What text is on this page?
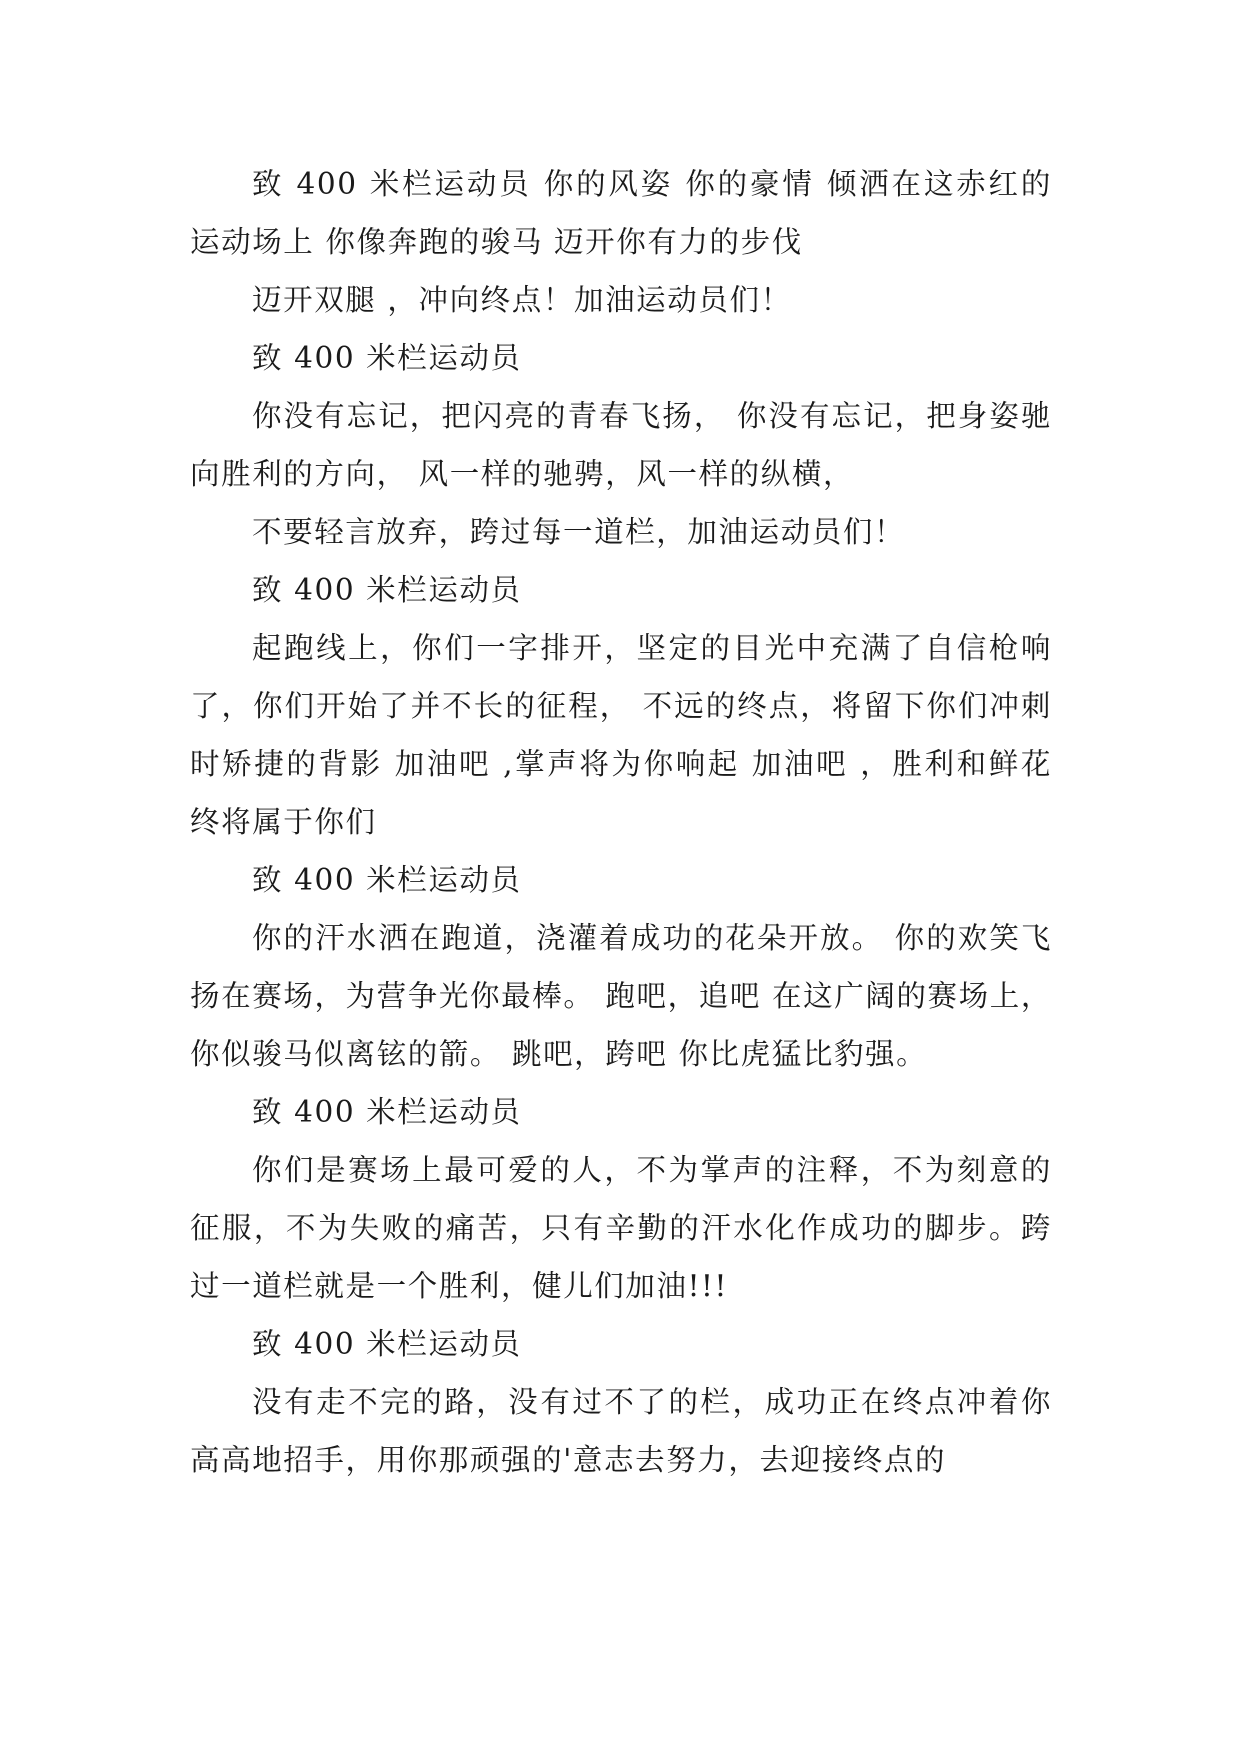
致 400 米栏运动员 你的风姿 你的豪情 倾洒在这赤红的运动场上 你像奔跑的骏马 迈开你有力的步伐

迈开双腿 ，冲向终点！加油运动员们！

致 400 米栏运动员

你没有忘记，把闪亮的青春飞扬， 你没有忘记，把身姿驰向胜利的方向， 风一样的驰骋，风一样的纵横，

不要轻言放弃，跨过每一道栏，加油运动员们！

致 400 米栏运动员

起跑线上，你们一字排开，坚定的目光中充满了自信枪响了，你们开始了并不长的征程， 不远的终点，将留下你们冲刺时矫捷的背影 加油吧 ,掌声将为你响起 加油吧 ，胜利和鲜花终将属于你们

致 400 米栏运动员

你的汗水洒在跑道，浇灌着成功的花朵开放。 你的欢笑飞扬在赛场，为营争光你最棒。 跑吧，追吧 在这广阔的赛场上， 你似骏马似离铉的箭。 跳吧，跨吧 你比虎猛比豹强。

致 400 米栏运动员

你们是赛场上最可爱的人，不为掌声的注释，不为刻意的征服，不为失败的痛苦，只有辛勤的汗水化作成功的脚步。跨过一道栏就是一个胜利，健儿们加油!!!

致 400 米栏运动员

没有走不完的路，没有过不了的栏，成功正在终点冲着你高高地招手，用你那顽强的'意志去努力，去迎接终点的
